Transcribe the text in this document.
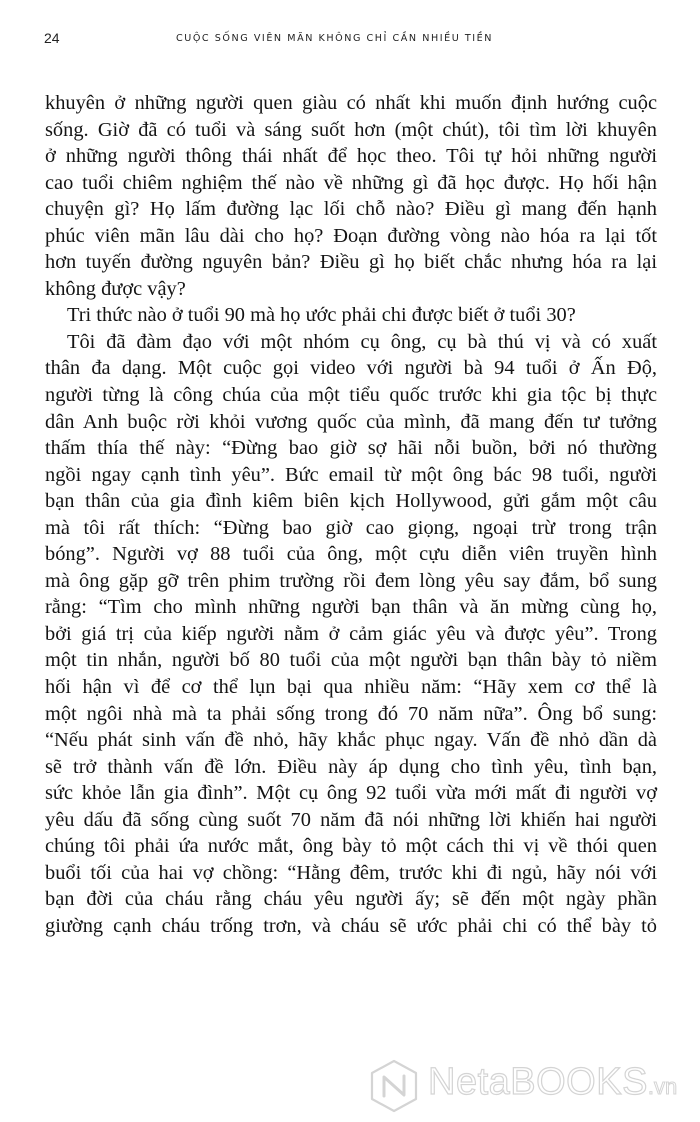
24	CUỘC SỐNG VIÊN MÃN KHÔNG CHỈ CẦN NHIỀU TIỀN
khuyên ở những người quen giàu có nhất khi muốn định hướng cuộc
sống. Giờ đã có tuổi và sáng suốt hơn (một chút), tôi tìm lời khuyên
ở những người thông thái nhất để học theo. Tôi tự hỏi những người
cao tuổi chiêm nghiệm thế nào về những gì đã học được. Họ hối hận
chuyện gì? Họ lấm đường lạc lối chỗ nào? Điều gì mang đến hạnh
phúc viên mãn lâu dài cho họ? Đoạn đường vòng nào hóa ra lại tốt
hơn tuyến đường nguyên bản? Điều gì họ biết chắc nhưng hóa ra lại
không được vậy?
Tri thức nào ở tuổi 90 mà họ ước phải chi được biết ở tuổi 30?
Tôi đã đàm đạo với một nhóm cụ ông, cụ bà thú vị và có xuất
thân đa dạng. Một cuộc gọi video với người bà 94 tuổi ở Ấn Độ,
người từng là công chúa của một tiểu quốc trước khi gia tộc bị thực
dân Anh buộc rời khỏi vương quốc của mình, đã mang đến tư tưởng
thấm thía thế này: “Đừng bao giờ sợ hãi nỗi buồn, bởi nó thường
ngồi ngay cạnh tình yêu”. Bức email từ một ông bác 98 tuổi, người
bạn thân của gia đình kiêm biên kịch Hollywood, gửi gắm một câu
mà tôi rất thích: “Đừng bao giờ cao giọng, ngoại trừ trong trận
bóng”. Người vợ 88 tuổi của ông, một cựu diễn viên truyền hình
mà ông gặp gỡ trên phim trường rồi đem lòng yêu say đắm, bổ sung
rằng: “Tìm cho mình những người bạn thân và ăn mừng cùng họ,
bởi giá trị của kiếp người nằm ở cảm giác yêu và được yêu”. Trong
một tin nhắn, người bố 80 tuổi của một người bạn thân bày tỏ niềm
hối hận vì để cơ thể lụn bại qua nhiều năm: “Hãy xem cơ thể là
một ngôi nhà mà ta phải sống trong đó 70 năm nữa”. Ông bổ sung:
“Nếu phát sinh vấn đề nhỏ, hãy khắc phục ngay. Vấn đề nhỏ dần dà
sẽ trở thành vấn đề lớn. Điều này áp dụng cho tình yêu, tình bạn,
sức khỏe lẫn gia đình”. Một cụ ông 92 tuổi vừa mới mất đi người vợ
yêu dấu đã sống cùng suốt 70 năm đã nói những lời khiến hai người
chúng tôi phải ứa nước mắt, ông bày tỏ một cách thi vị về thói quen
buổi tối của hai vợ chồng: “Hằng đêm, trước khi đi ngủ, hãy nói với
bạn đời của cháu rằng cháu yêu người ấy; sẽ đến một ngày phần
giường cạnh cháu trống trơn, và cháu sẽ ước phải chi có thể bày tỏ
NetaBOOKS.vn
